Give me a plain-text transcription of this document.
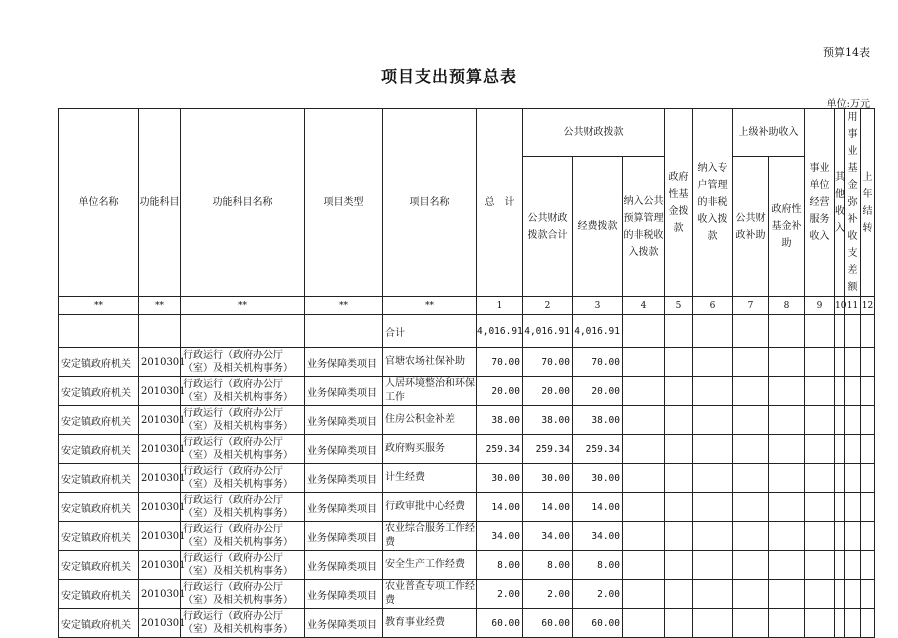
预算14表
项目支出预算总表
单位:万元
单位名称	功能科目	功能科目名称	项目类型	项目名称	总　计	公共财政拨款			政府性基金拨款	纳入专户管理的非税收入拨款	上级补助收入		事业单位经营服务收入	其他收入	用事业基金弥补收支差额	上年结转
						公共财政拨款合计	经费拨款	纳入公共预算管理的非税收入拨款			公共财政补助	政府性基金补助				
**	**	**	**	**	1	2	3	4	5	6	7	8	9	10	11	12
				合计	4,016.91	4,016.91	4,016.91									
安定镇政府机关	2010301	行政运行（政府办公厅（室）及相关机构事务）	业务保障类项目	官塘农场社保补助	70.00	70.00	70.00									
安定镇政府机关	2010301	行政运行（政府办公厅（室）及相关机构事务）	业务保障类项目	人居环境整治和环保工作	20.00	20.00	20.00									
安定镇政府机关	2010301	行政运行（政府办公厅（室）及相关机构事务）	业务保障类项目	住房公积金补差	38.00	38.00	38.00									
安定镇政府机关	2010301	行政运行（政府办公厅（室）及相关机构事务）	业务保障类项目	政府购买服务	259.34	259.34	259.34									
安定镇政府机关	2010301	行政运行（政府办公厅（室）及相关机构事务）	业务保障类项目	计生经费	30.00	30.00	30.00									
安定镇政府机关	2010301	行政运行（政府办公厅（室）及相关机构事务）	业务保障类项目	行政审批中心经费	14.00	14.00	14.00									
安定镇政府机关	2010301	行政运行（政府办公厅（室）及相关机构事务）	业务保障类项目	农业综合服务工作经费	34.00	34.00	34.00									
安定镇政府机关	2010301	行政运行（政府办公厅（室）及相关机构事务）	业务保障类项目	安全生产工作经费	8.00	8.00	8.00									
安定镇政府机关	2010301	行政运行（政府办公厅（室）及相关机构事务）	业务保障类项目	农业普查专项工作经费	2.00	2.00	2.00									
安定镇政府机关	2010301	行政运行（政府办公厅（室）及相关机构事务）	业务保障类项目	教育事业经费	60.00	60.00	60.00									
